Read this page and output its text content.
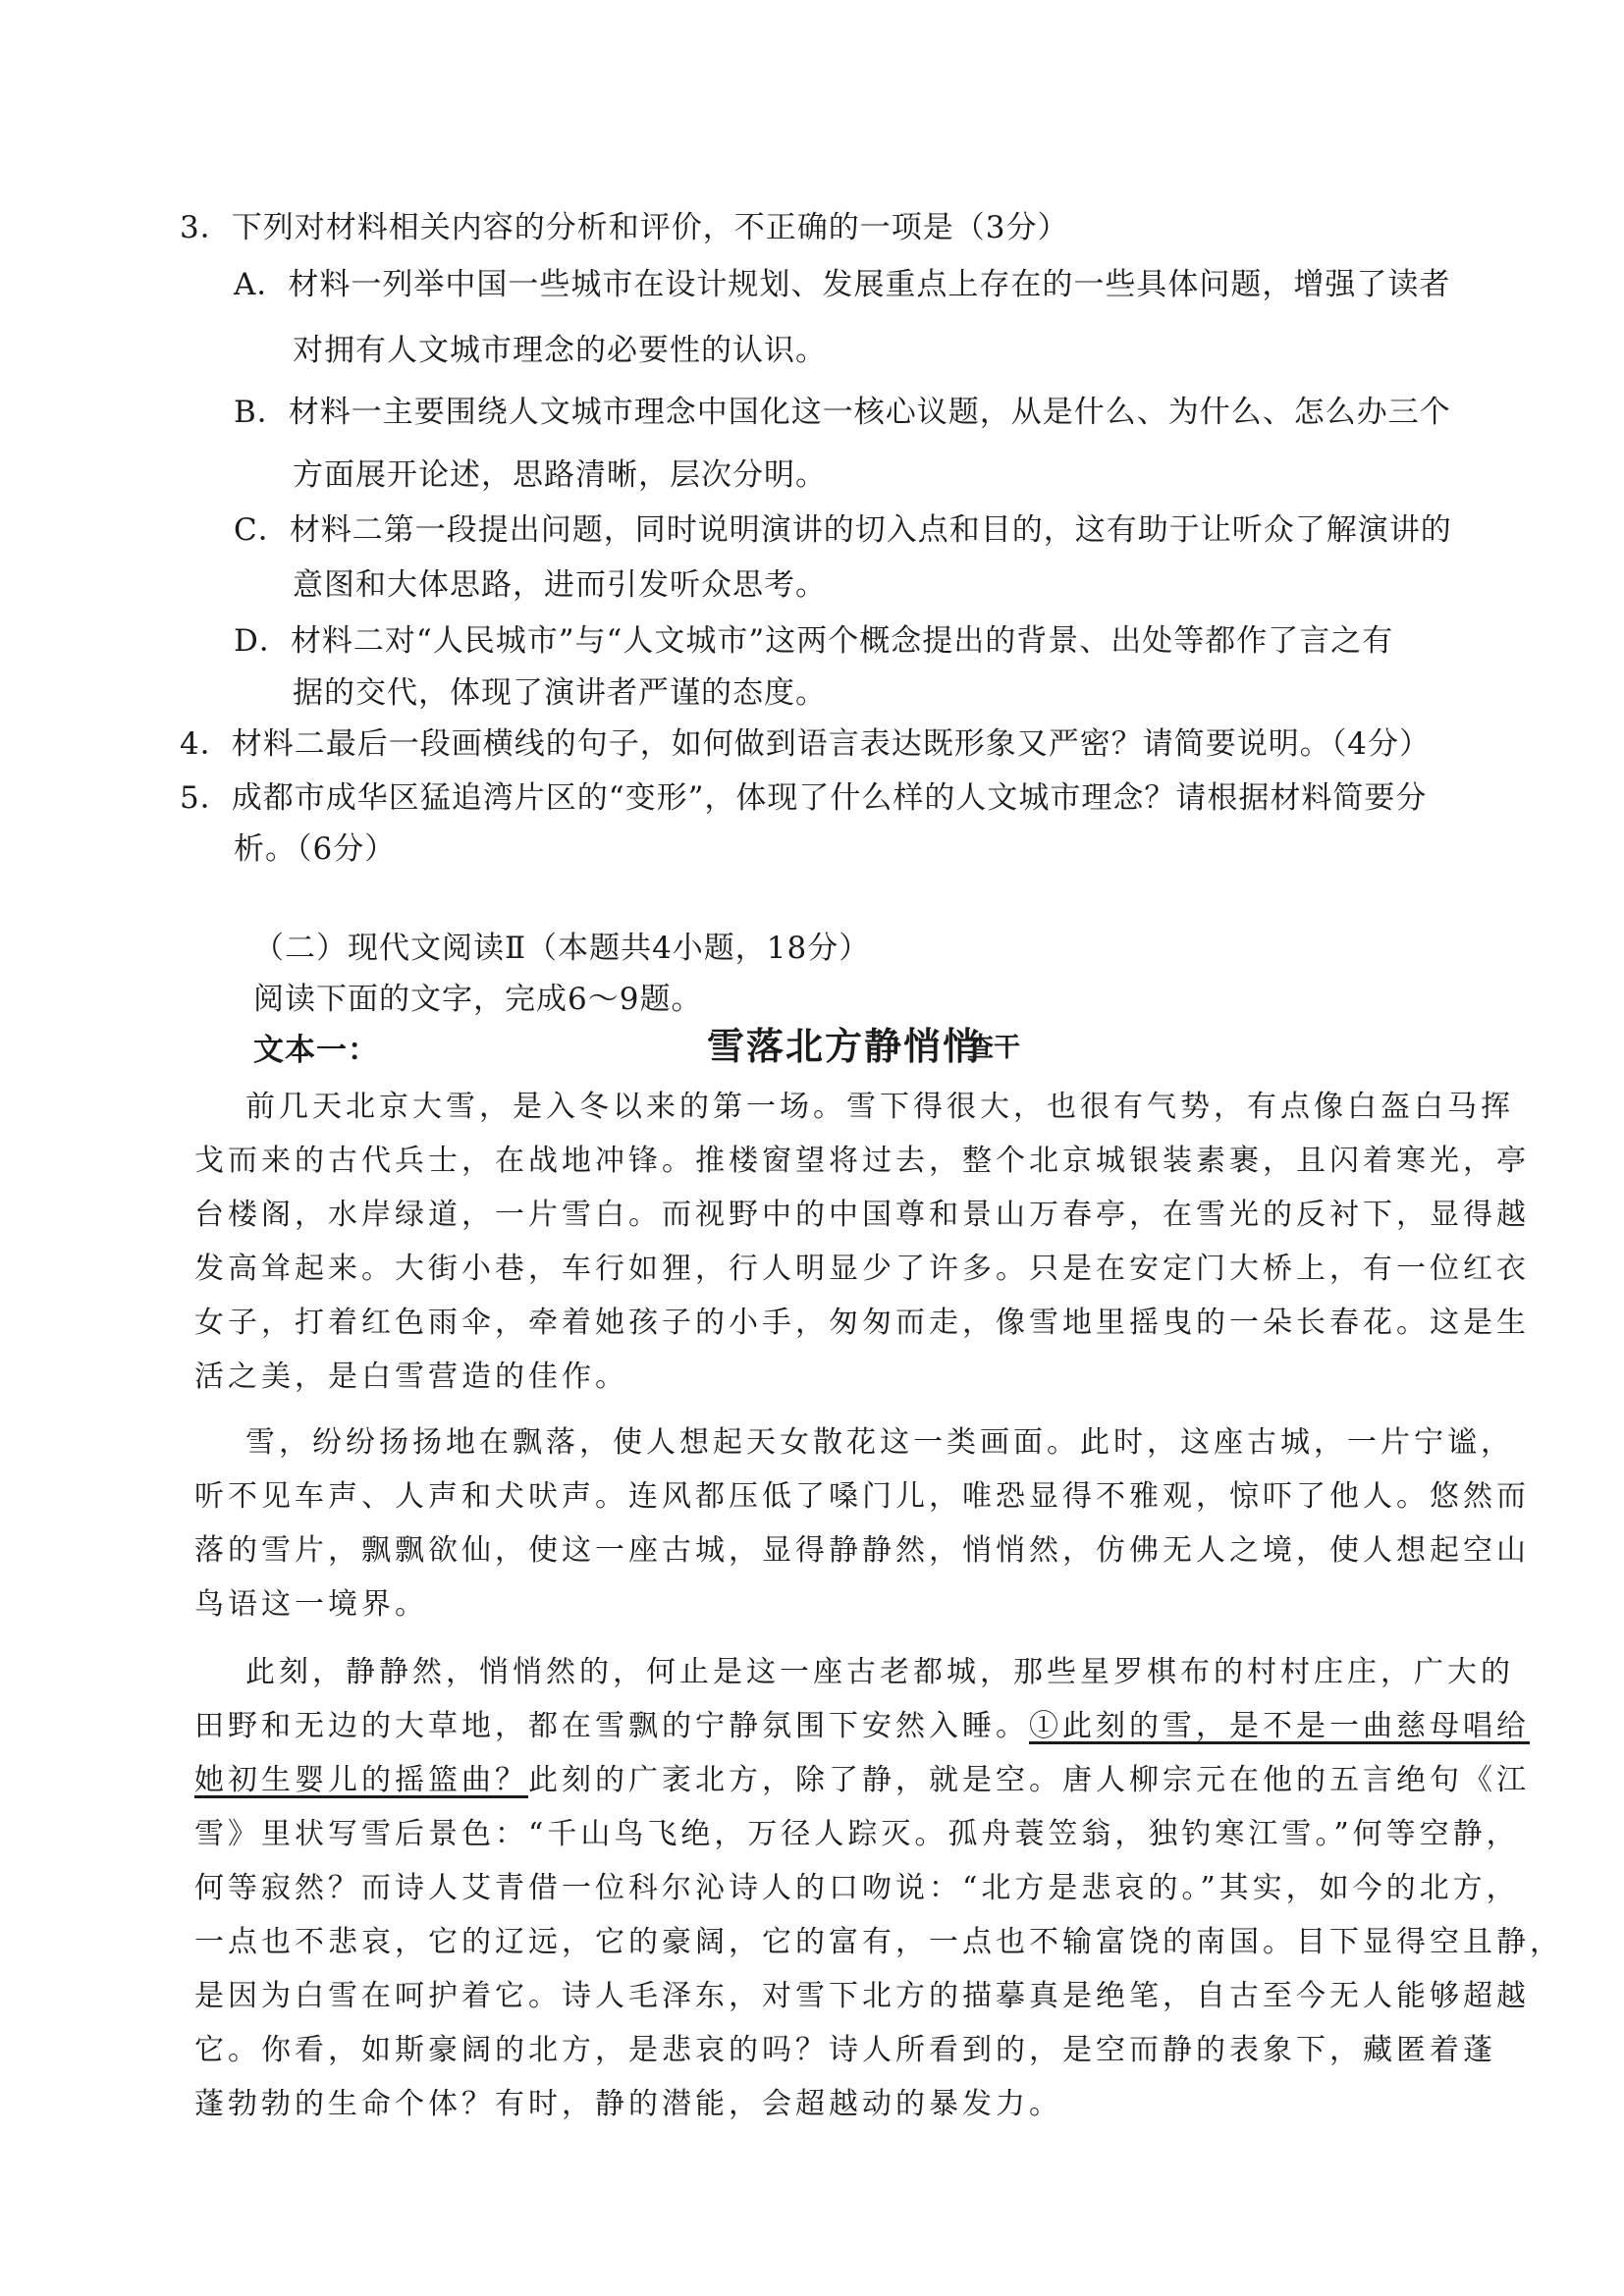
3．下列对材料相关内容的分析和评价，不正确的一项是（3分）
A．材料一列举中国一些城市在设计规划、发展重点上存在的一些具体问题，增强了读者
对拥有人文城市理念的必要性的认识。
B．材料一主要围绕人文城市理念中国化这一核心议题，从是什么、为什么、怎么办三个
方面展开论述，思路清晰，层次分明。
C．材料二第一段提出问题，同时说明演讲的切入点和目的，这有助于让听众了解演讲的
意图和大体思路，进而引发听众思考。
D．材料二对“人民城市”与“人文城市”这两个概念提出的背景、出处等都作了言之有
据的交代，体现了演讲者严谨的态度。
4．材料二最后一段画横线的句子，如何做到语言表达既形象又严密？请简要说明。（4分）
5．成都市成华区猛追湾片区的“变形”，体现了什么样的人文城市理念？请根据材料简要分
析。（6分）
（二）现代文阅读Ⅱ（本题共4小题，18分）
阅读下面的文字，完成6～9题。
文本一：	雪落北方静悄悄
查干
前几天北京大雪，是入冬以来的第一场。雪下得很大，也很有气势，有点像白盔白马挥
戈而来的古代兵士，在战地冲锋。推楼窗望将过去，整个北京城银装素裹，且闪着寒光，亭
台楼阁，水岸绿道，一片雪白。而视野中的中国尊和景山万春亭，在雪光的反衬下，显得越
发高耸起来。大街小巷，车行如狸，行人明显少了许多。只是在安定门大桥上，有一位红衣
女子，打着红色雨伞，牵着她孩子的小手，匆匆而走，像雪地里摇曳的一朵长春花。这是生
活之美，是白雪营造的佳作。
雪，纷纷扬扬地在飘落，使人想起天女散花这一类画面。此时，这座古城，一片宁谧，
听不见车声、人声和犬吠声。连风都压低了嗓门儿，唯恐显得不雅观，惊吓了他人。悠然而
落的雪片，飘飘欲仙，使这一座古城，显得静静然，悄悄然，仿佛无人之境，使人想起空山
鸟语这一境界。
此刻，静静然，悄悄然的，何止是这一座古老都城，那些星罗棋布的村村庄庄，广大的
田野和无边的大草地，都在雪飘的宁静氛围下安然入睡。①此刻的雪，是不是一曲慈母唱给
她初生婴儿的摇篮曲？此刻的广袤北方，除了静，就是空。唐人柳宗元在他的五言绝句《江
雪》里状写雪后景色：“千山鸟飞绝，万径人踪灭。孤舟蓑笠翁，独钓寒江雪。”何等空静，
何等寂然？而诗人艾青借一位科尔沁诗人的口吻说：“北方是悲哀的。”其实，如今的北方，
一点也不悲哀，它的辽远，它的豪阔，它的富有，一点也不输富饶的南国。目下显得空且静，
是因为白雪在呵护着它。诗人毛泽东，对雪下北方的描摹真是绝笔，自古至今无人能够超越
它。你看，如斯豪阔的北方，是悲哀的吗？诗人所看到的，是空而静的表象下，藏匿着蓬
蓬勃勃的生命个体？有时，静的潜能，会超越动的暴发力。
